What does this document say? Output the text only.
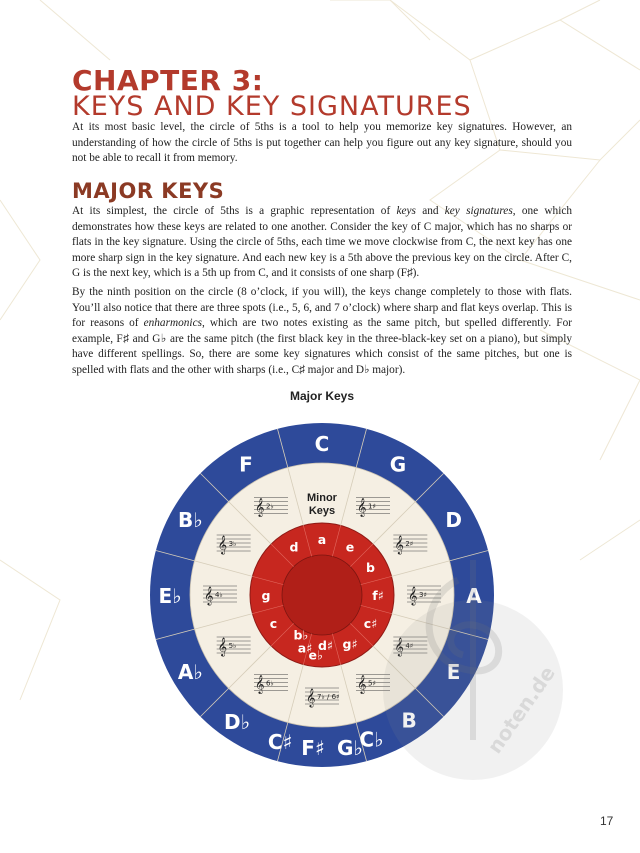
CHAPTER 3:
KEYS AND KEY SIGNATURES

At its most basic level, the circle of 5ths is a tool to help you memorize key signatures. However, an understanding of how the circle of 5ths is put together can help you figure out any key signature, should you not be able to recall it from memory.

MAJOR KEYS

At its simplest, the circle of 5ths is a graphic representation of keys and key signatures, one which demonstrates how these keys are related to one another. Consider the key of C major, which has no sharps or flats in the key signature. Using the circle of 5ths, each time we move clockwise from C, the next key has one more sharp sign in the key signature. And each new key is a 5th above the previous key on the circle. After C, G is the next key, which is a 5th up from C, and it consists of one sharp (F♯).

By the ninth position on the circle (8 o’clock, if you will), the keys change completely to those with flats. You’ll also notice that there are three spots (i.e., 5, 6, and 7 o’clock) where sharp and flat keys overlap. This is for reasons of enharmonics, which are two notes existing as the same pitch, but spelled differently. For example, F♯ and G♭ are the same pitch (the first black key in the three-black-key set on a piano), but simply have different spellings. So, there are some key signatures which consist of the same pitches, but one is spelled with flats and the other with sharps (i.e., C♯ major and D♭ major).

Major Keys
𝄞 1♯
𝄞 2♯
𝄞 3♯
𝄞 4♯
𝄞 5♯
𝄞 7♭ / 6♯
𝄞 6♭
𝄞 5♭
𝄞 4♭
𝄞 3♭
𝄞 2♭
C
G
D
A
E
B
C♭
F♯ G♭
C♯
D♭
A♭
E♭
B♭
F
a
e
b
f♯
c♯
g♯
d♯
e♭
a♯
b♭
c
g
d
Minor
Keys
noten.de
17
